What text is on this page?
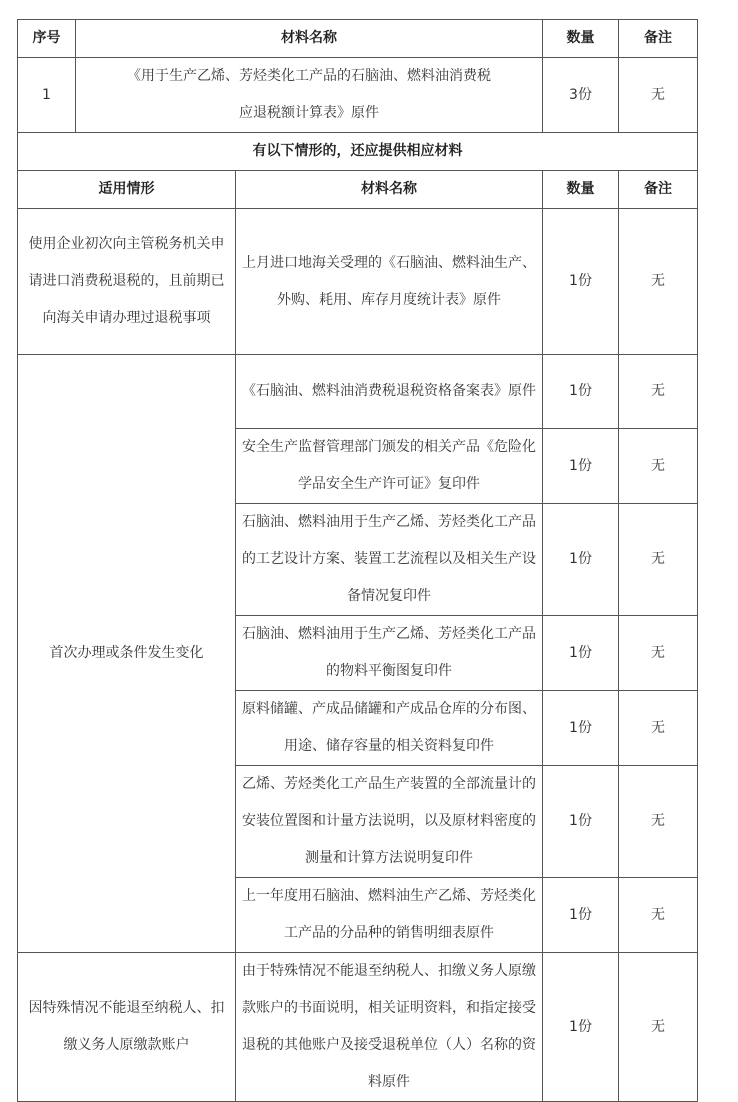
序号	材料名称		数量	备注
1	《用于生产乙烯、芳烃类化工产品的石脑油、燃料油消费税应退税额计算表》原件		3份	无
有以下情形的，还应提供相应材料				
适用情形		材料名称	数量	备注
使用企业初次向主管税务机关申请进口消费税退税的，且前期已向海关申请办理过退税事项		上月进口地海关受理的《石脑油、燃料油生产、外购、耗用、库存月度统计表》原件	1份	无
首次办理或条件发生变化		《石脑油、燃料油消费税退税资格备案表》原件	1份	无
		安全生产监督管理部门颁发的相关产品《危险化学品安全生产许可证》复印件	1份	无
		石脑油、燃料油用于生产乙烯、芳烃类化工产品的工艺设计方案、装置工艺流程以及相关生产设备情况复印件	1份	无
		石脑油、燃料油用于生产乙烯、芳烃类化工产品的物料平衡图复印件	1份	无
		原料储罐、产成品储罐和产成品仓库的分布图、用途、储存容量的相关资料复印件	1份	无
		乙烯、芳烃类化工产品生产装置的全部流量计的安装位置图和计量方法说明，以及原材料密度的测量和计算方法说明复印件	1份	无
		上一年度用石脑油、燃料油生产乙烯、芳烃类化工产品的分品种的销售明细表原件	1份	无
因特殊情况不能退至纳税人、扣缴义务人原缴款账户		由于特殊情况不能退至纳税人、扣缴义务人原缴款账户的书面说明，相关证明资料，和指定接受退税的其他账户及接受退税单位（人）名称的资料原件	1份	无
